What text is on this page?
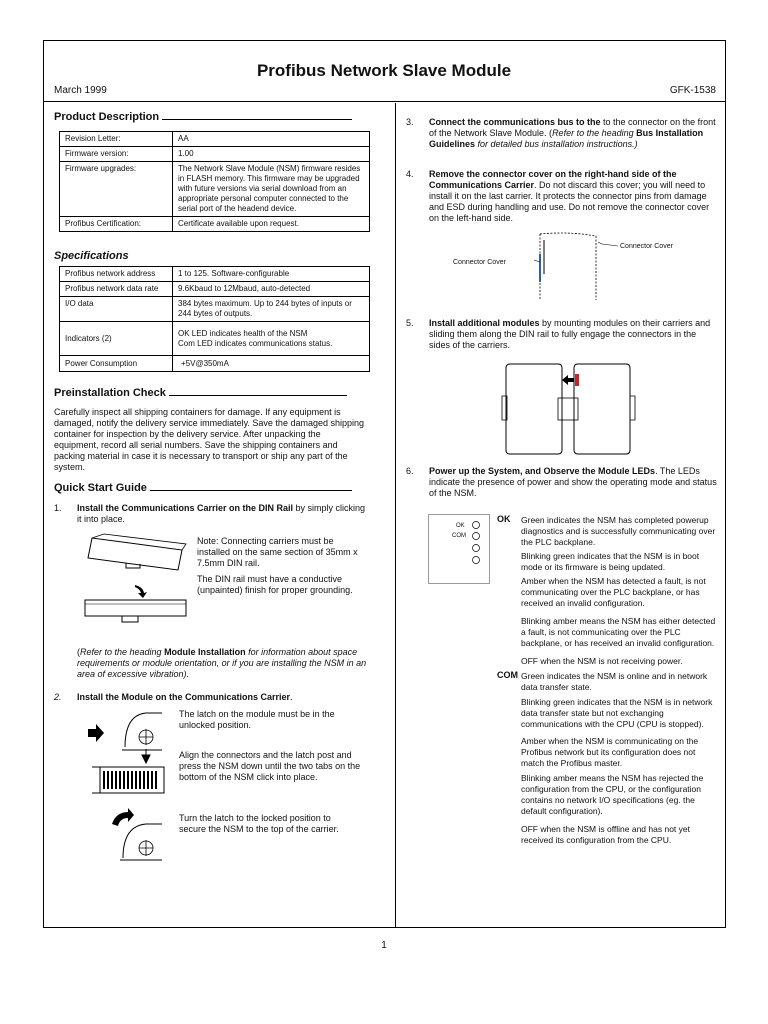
Profibus Network Slave Module
March 1999	GFK-1538
Product Description
Revision Letter:	AA
Firmware version:	1.00
Firmware upgrades:	The Network Slave Module (NSM) firmware resides in FLASH memory. This firmware may be upgraded with future versions via serial download from an appropriate personal computer connected to the serial port of the headend device.
Profibus Certification:	Certificate available upon request.
Specifications
Profibus network address	1 to 125. Software-configurable
Profibus network data rate	9.6Kbaud to 12Mbaud, auto-detected
I/O data	384 bytes maximum. Up to 244 bytes of inputs or 244 bytes of outputs.
Indicators (2)	OK LED indicates health of the NSM
Com LED indicates communications status.
Power Consumption	+5V@350mA
Preinstallation Check
Carefully inspect all shipping containers for damage. If any equipment is damaged, notify the delivery service immediately. Save the damaged shipping container for inspection by the delivery service. After unpacking the equipment, record all serial numbers. Save the shipping containers and packing material in case it is necessary to transport or ship any part of the system.
Quick Start Guide
1. Install the Communications Carrier on the DIN Rail by simply clicking it into place.
Note: Connecting carriers must be installed on the same section of 35mm x 7.5mm DIN rail.
The DIN rail must have a conductive (unpainted) finish for proper grounding.
(Refer to the heading Module Installation for information about space requirements or module orientation, or if you are installing the NSM in an area of excessive vibration).
2. Install the Module on the Communications Carrier.
The latch on the module must be in the unlocked position.
Align the connectors and the latch post and press the NSM down until the two tabs on the bottom of the NSM click into place.
Turn the latch to the locked position to secure the NSM to the top of the carrier.
3. Connect the communications bus to the to the connector on the front of the Network Slave Module. (Refer to the heading Bus Installation Guidelines for detailed bus installation instructions.)
4. Remove the connector cover on the right-hand side of the Communications Carrier. Do not discard this cover; you will need to install it on the last carrier. It protects the connector pins from damage and ESD during handling and use. Do not remove the connector cover on the left-hand side.
Connector Cover
Connector Cover
5. Install additional modules by mounting modules on their carriers and sliding them along the DIN rail to fully engage the connectors in the sides of the carriers.
6. Power up the System, and Observe the Module LEDs. The LEDs indicate the presence of power and show the operating mode and status of the NSM.
OK
COM
OK Green indicates the NSM has completed powerup diagnostics and is successfully communicating over the PLC backplane.
Blinking green indicates that the NSM is in boot mode or its firmware is being updated.
Amber when the NSM has detected a fault, is not communicating over the PLC backplane, or has received an invalid configuration.
Blinking amber means the NSM has either detected a fault, is not communicating over the PLC backplane, or has received an invalid configuration.
OFF when the NSM is not receiving power.
COM Green indicates the NSM is online and in network data transfer state.
Blinking green indicates that the NSM is in network data transfer state but not exchanging communications with the CPU (CPU is stopped).
Amber when the NSM is communicating on the Profibus network but its configuration does not match the Profibus master.
Blinking amber means the NSM has rejected the configuration from the CPU, or the configuration contains no network I/O specifications (eg. the default configuration).
OFF when the NSM is offline and has not yet received its configuration from the CPU.
1
